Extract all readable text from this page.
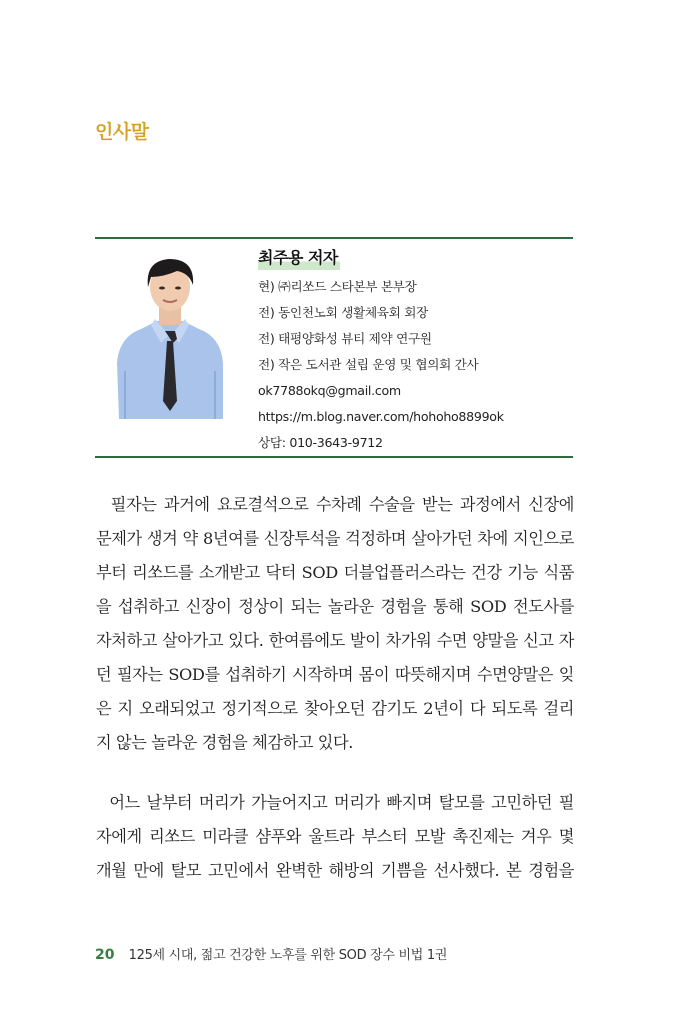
인사말
최주용 저자
현) ㈜리쏘드 스타본부 본부장
전) 동인천노회 생활체육회 회장
전) 태평양화성 뷰티 제약 연구원
전) 작은 도서관 설립 운영 및 협의회 간사
ok7788okq@gmail.com
https://m.blog.naver.com/hohoho8899ok
상담: 010-3643-9712
필자는 과거에 요로결석으로 수차례 수술을 받는 과정에서 신장에
문제가 생겨 약 8년여를 신장투석을 걱정하며 살아가던 차에 지인으로
부터 리쏘드를 소개받고 닥터 SOD 더블업플러스라는 건강 기능 식품
을 섭취하고 신장이 정상이 되는 놀라운 경험을 통해 SOD 전도사를
자처하고 살아가고 있다. 한여름에도 발이 차가워 수면 양말을 신고 자
던 필자는 SOD를 섭취하기 시작하며 몸이 따뜻해지며 수면양말은 잊
은 지 오래되었고 정기적으로 찾아오던 감기도 2년이 다 되도록 걸리
지 않는 놀라운 경험을 체감하고 있다.
어느 날부터 머리가 가늘어지고 머리가 빠지며 탈모를 고민하던 필
자에게 리쏘드 미라클 샴푸와 울트라 부스터 모발 촉진제는 겨우 몇
개월 만에 탈모 고민에서 완벽한 해방의 기쁨을 선사했다. 본 경험을
20 125세 시대, 젊고 건강한 노후를 위한 SOD 장수 비법 1권
